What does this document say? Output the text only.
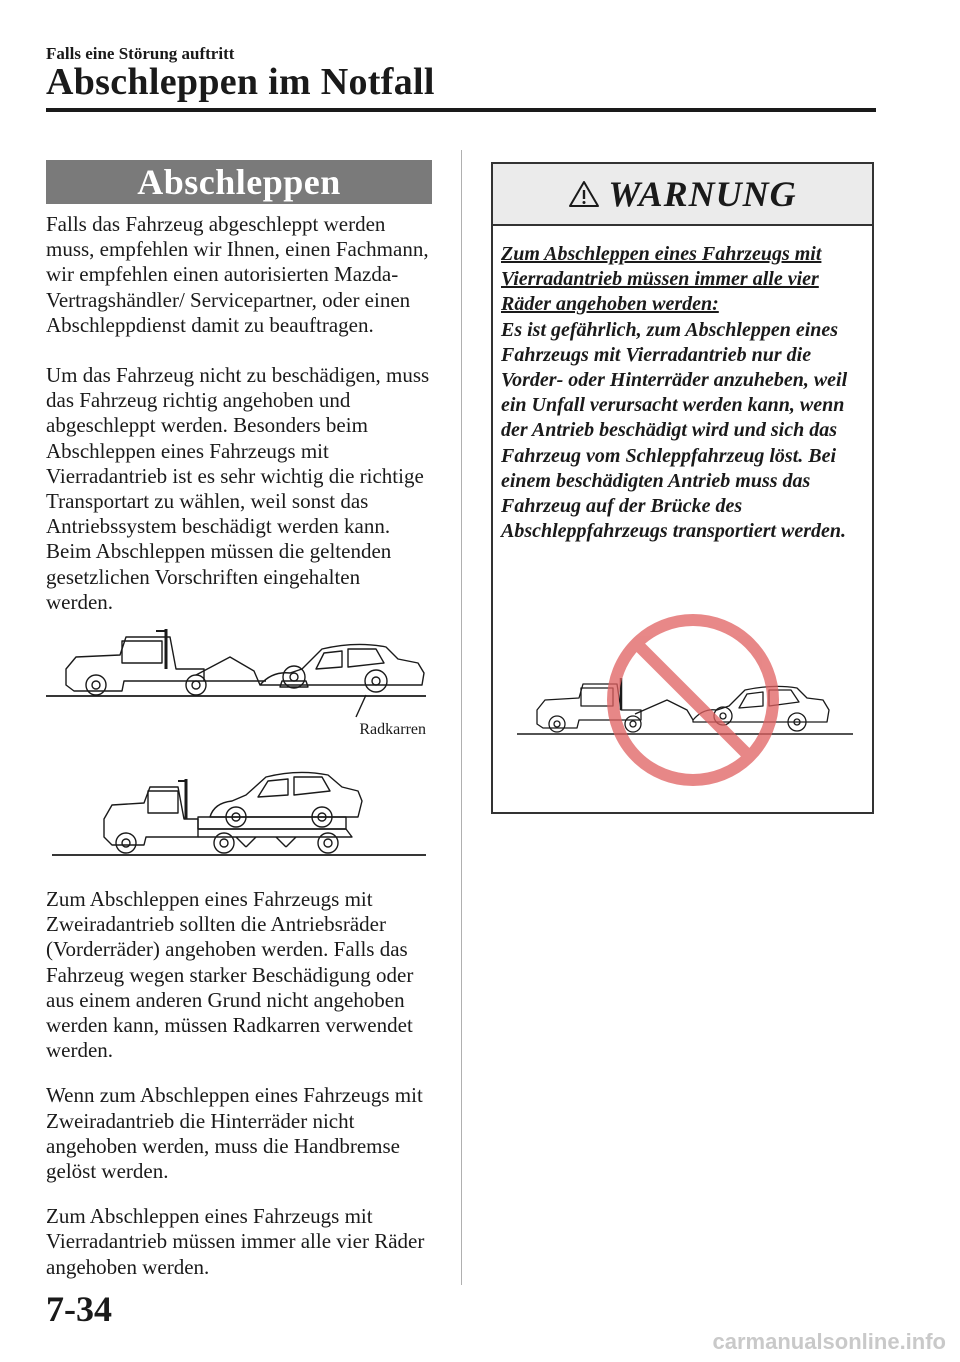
Falls eine Störung auftritt
Abschleppen im Notfall
Abschleppen

Falls das Fahrzeug abgeschleppt werden muss, empfehlen wir Ihnen, einen Fachmann, wir empfehlen einen autorisierten Mazda-Vertragshändler/ Servicepartner, oder einen Abschleppdienst damit zu beauftragen.

Um das Fahrzeug nicht zu beschädigen, muss das Fahrzeug richtig angehoben und abgeschleppt werden. Besonders beim Abschleppen eines Fahrzeugs mit Vierradantrieb ist es sehr wichtig die richtige Transportart zu wählen, weil sonst das Antriebssystem beschädigt werden kann. Beim Abschleppen müssen die geltenden gesetzlichen Vorschriften eingehalten werden.

Radkarren

Zum Abschleppen eines Fahrzeugs mit Zweiradantrieb sollten die Antriebsräder (Vorderräder) angehoben werden. Falls das Fahrzeug wegen starker Beschädigung oder aus einem anderen Grund nicht angehoben werden kann, müssen Radkarren verwendet werden.

Wenn zum Abschleppen eines Fahrzeugs mit Zweiradantrieb die Hinterräder nicht angehoben werden, muss die Handbremse gelöst werden.

Zum Abschleppen eines Fahrzeugs mit Vierradantrieb müssen immer alle vier Räder angehoben werden.

WARNUNG
Zum Abschleppen eines Fahrzeugs mit Vierradantrieb müssen immer alle vier Räder angehoben werden:
Es ist gefährlich, zum Abschleppen eines Fahrzeugs mit Vierradantrieb nur die Vorder- oder Hinterräder anzuheben, weil ein Unfall verursacht werden kann, wenn der Antrieb beschädigt wird und sich das Fahrzeug vom Schleppfahrzeug löst. Bei einem beschädigten Antrieb muss das Fahrzeug auf der Brücke des Abschleppfahrzeugs transportiert werden.
7-34
carmanualsonline.info
